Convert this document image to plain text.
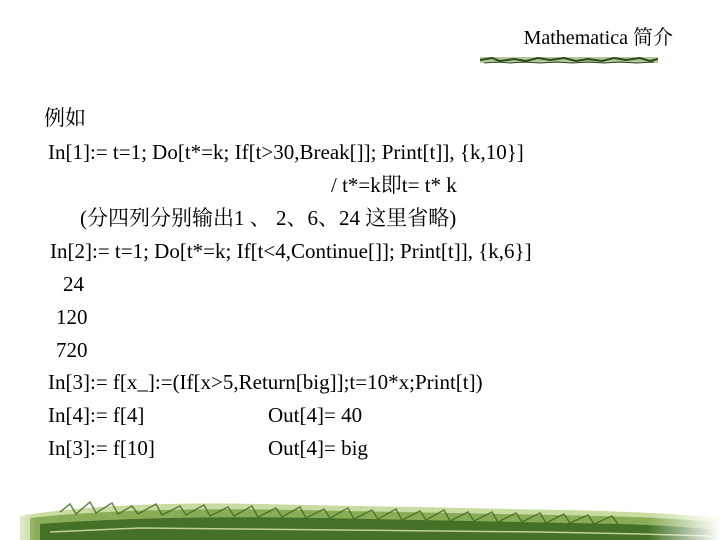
Mathematica 简介
例如
In[1]:= t=1; Do[t*=k; If[t>30,Break[]]; Print[t]], {k,10}]
/ t*=k即t= t* k
(分四列分别输出1 、 2、6、24 这里省略)
In[2]:= t=1; Do[t*=k; If[t<4,Continue[]]; Print[t]], {k,6}]
24
120
720
In[3]:= f[x_]:=(If[x>5,Return[big]];t=10*x;Print[t])
In[4]:= f[4]	Out[4]= 40
In[3]:= f[10]	Out[4]= big
